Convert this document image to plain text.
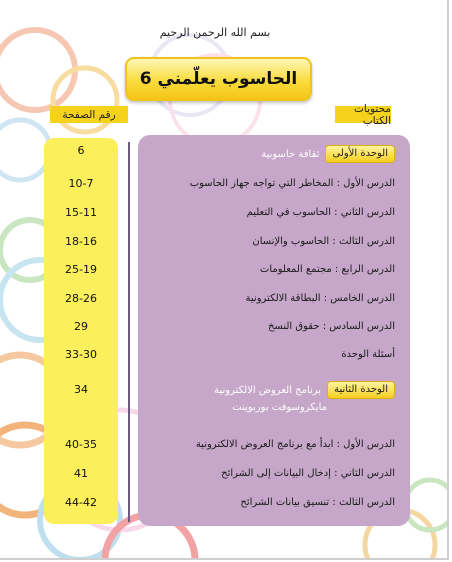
بسم الله الرحمن الرحيم
الحاسوب يعلّمني 6
محتويات الكتاب
رقم الصفحة
6	الوحدة الأولى
ثقافة حاسوبية
10-7	الدرس الأول : المخاطر التي تواجه جهاز الحاسوب
15-11	الدرس الثاني : الحاسوب في التعليم
18-16	الدرس الثالث : الحاسوب والإنسان
25-19	الدرس الرابع : مجتمع المعلومات
28-26	الدرس الخامس : البطاقة الالكترونية
29	الدرس السادس : حقوق النسخ
33-30	أسئلة الوحدة
34	الوحدة الثانية
برنامج العروض الالكترونية
مايكروسوفت بوربوينت
40-35	الدرس الأول : ابدأ مع برنامج العروض الالكترونية
41	الدرس الثاني : إدخال البيانات إلى الشرائح
44-42	الدرس الثالث : تنسيق بيانات الشرائح
